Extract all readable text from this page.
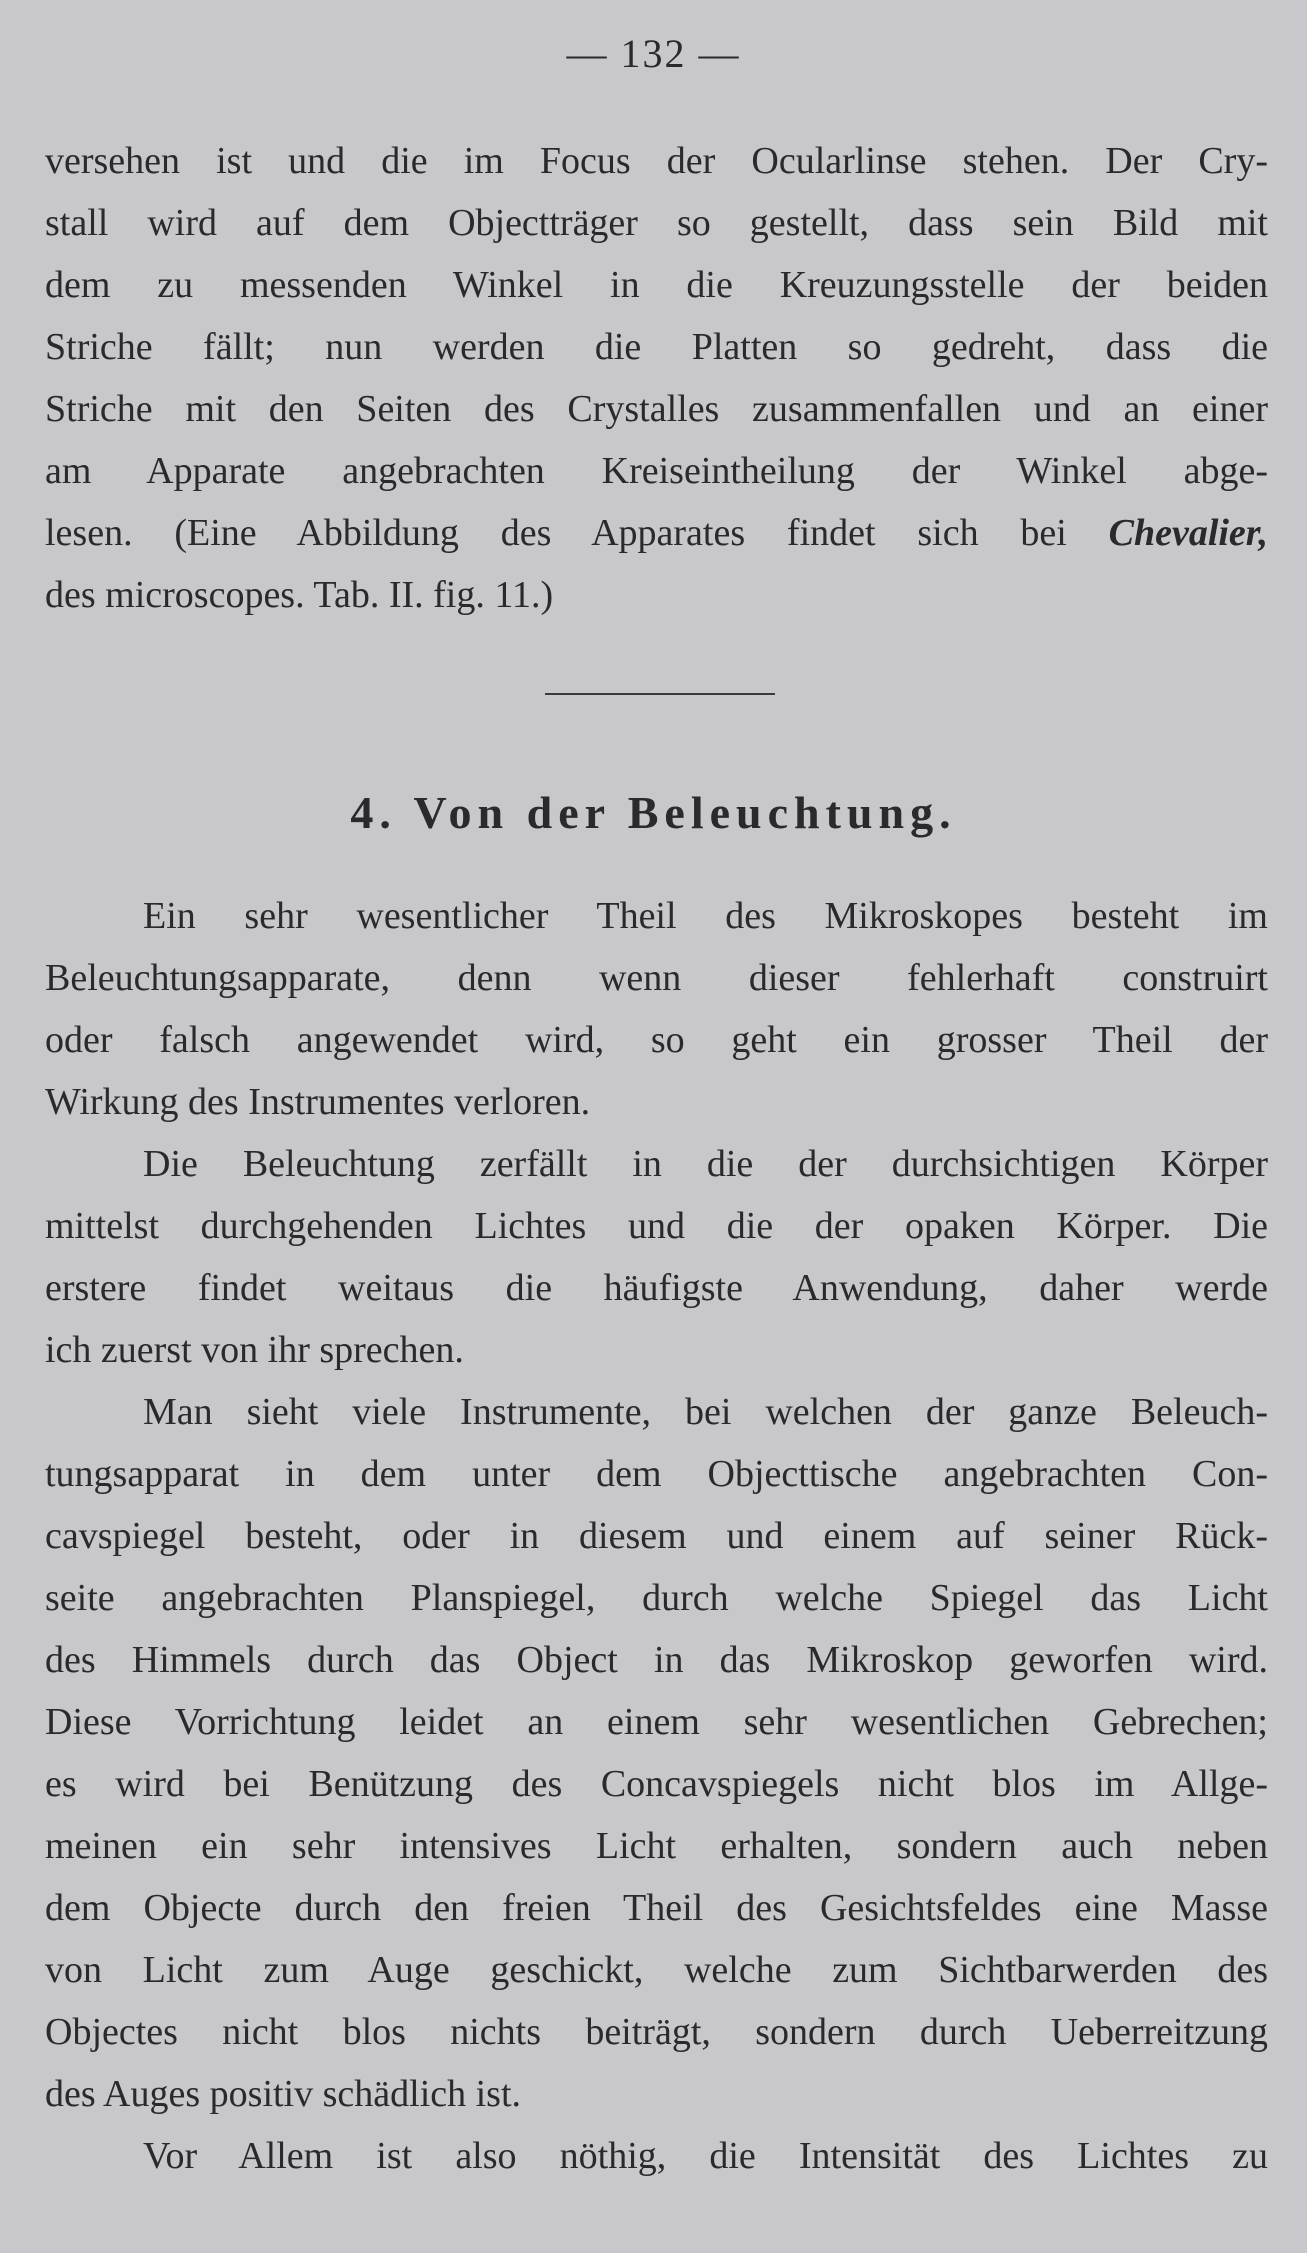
— 132 —
versehen ist und die im Focus der Ocularlinse stehen. Der Cry-
stall wird auf dem Objectträger so gestellt, dass sein Bild mit
dem zu messenden Winkel in die Kreuzungsstelle der beiden
Striche fällt; nun werden die Platten so gedreht, dass die
Striche mit den Seiten des Crystalles zusammenfallen und an einer
am Apparate angebrachten Kreiseintheilung der Winkel abge-
lesen. (Eine Abbildung des Apparates findet sich bei Chevalier,
des microscopes. Tab. II. fig. 11.)
4. Von der Beleuchtung.
Ein sehr wesentlicher Theil des Mikroskopes besteht im
Beleuchtungsapparate, denn wenn dieser fehlerhaft construirt
oder falsch angewendet wird, so geht ein grosser Theil der
Wirkung des Instrumentes verloren.
Die Beleuchtung zerfällt in die der durchsichtigen Körper
mittelst durchgehenden Lichtes und die der opaken Körper. Die
erstere findet weitaus die häufigste Anwendung, daher werde
ich zuerst von ihr sprechen.
Man sieht viele Instrumente, bei welchen der ganze Beleuch-
tungsapparat in dem unter dem Objecttische angebrachten Con-
cavspiegel besteht, oder in diesem und einem auf seiner Rück-
seite angebrachten Planspiegel, durch welche Spiegel das Licht
des Himmels durch das Object in das Mikroskop geworfen wird.
Diese Vorrichtung leidet an einem sehr wesentlichen Gebrechen;
es wird bei Benützung des Concavspiegels nicht blos im Allge-
meinen ein sehr intensives Licht erhalten, sondern auch neben
dem Objecte durch den freien Theil des Gesichtsfeldes eine Masse
von Licht zum Auge geschickt, welche zum Sichtbarwerden des
Objectes nicht blos nichts beiträgt, sondern durch Ueberreitzung
des Auges positiv schädlich ist.
Vor Allem ist also nöthig, die Intensität des Lichtes zu
